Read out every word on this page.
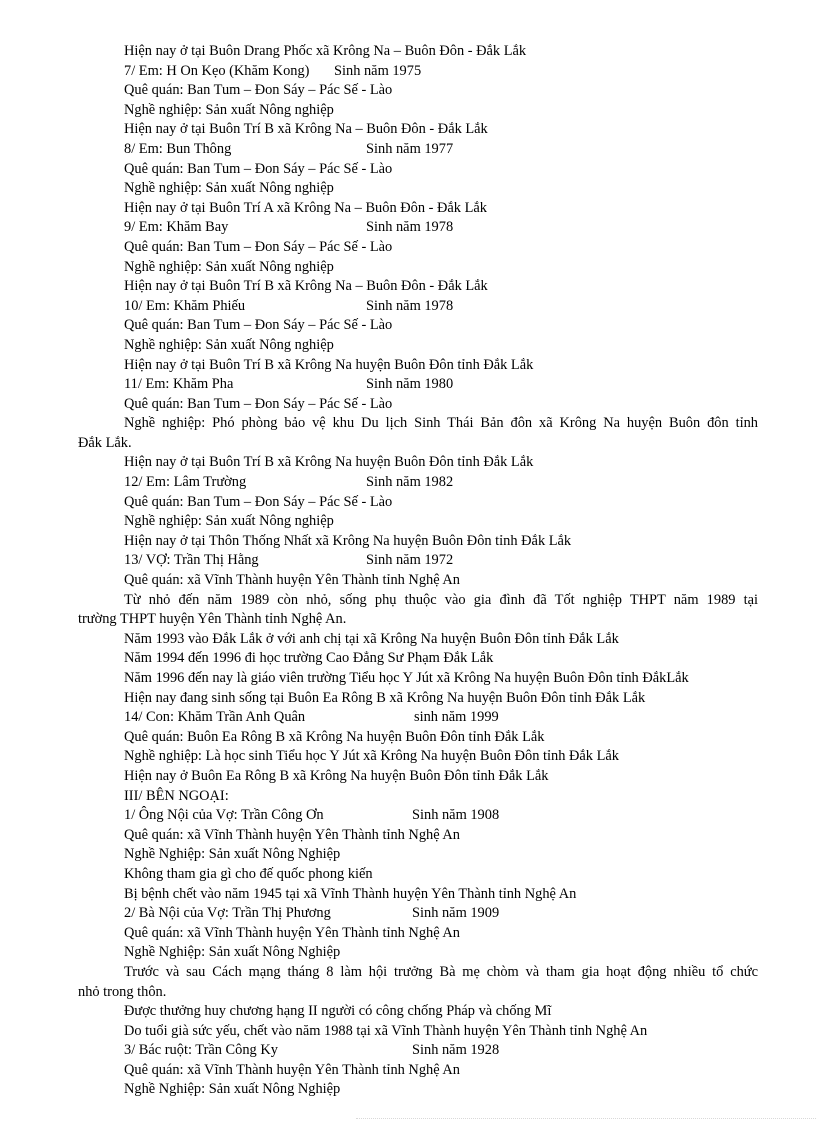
Hiện nay ở tại Buôn Drang Phốc xã Krông Na – Buôn Đôn - Đắk Lắk
7/ Em: H On Kẹo (Khăm Kong) Sinh năm 1975
Quê quán: Ban Tum – Đon Sáy – Pác Sế - Lào
Nghề nghiệp: Sản xuất Nông nghiệp
Hiện nay ở tại Buôn Trí B xã Krông Na – Buôn Đôn - Đắk Lắk
8/ Em: Bun Thông	Sinh năm 1977
Quê quán: Ban Tum – Đon Sáy – Pác Sế - Lào
Nghề nghiệp: Sản xuất Nông nghiệp
Hiện nay ở tại Buôn Trí A xã Krông Na – Buôn Đôn - Đắk Lắk
9/ Em: Khăm Bay	Sinh năm 1978
Quê quán: Ban Tum – Đon Sáy – Pác Sế - Lào
Nghề nghiệp: Sản xuất Nông nghiệp
Hiện nay ở tại Buôn Trí B xã Krông Na – Buôn Đôn - Đắk Lắk
10/ Em: Khăm Phiếu	Sinh năm 1978
Quê quán: Ban Tum – Đon Sáy – Pác Sế - Lào
Nghề nghiệp: Sản xuất Nông nghiệp
Hiện nay ở tại Buôn Trí B xã Krông Na huyện Buôn Đôn tỉnh Đắk Lắk
11/ Em: Khăm Pha	Sinh năm 1980
Quê quán: Ban Tum – Đon Sáy – Pác Sế - Lào
Nghề nghiệp: Phó phòng bảo vệ khu Du lịch Sinh Thái Bản đôn xã Krông Na huyện Buôn đôn tỉnh
Đắk Lắk.
Hiện nay ở tại Buôn Trí B xã Krông Na huyện Buôn Đôn tỉnh Đắk Lắk
12/ Em: Lâm Trường	Sinh năm 1982
Quê quán: Ban Tum – Đon Sáy – Pác Sế - Lào
Nghề nghiệp: Sản xuất Nông nghiệp
Hiện nay ở tại Thôn Thống Nhất xã Krông Na huyện Buôn Đôn tỉnh Đắk Lắk
13/ VỢ: Trần Thị Hằng	Sinh năm 1972
Quê quán: xã Vĩnh Thành huyện Yên Thành tỉnh Nghệ An
Từ nhỏ đến năm 1989 còn nhỏ, sống phụ thuộc vào gia đình đã Tốt nghiệp THPT năm 1989 tại
trường THPT huyện Yên Thành tỉnh Nghệ An.
Năm 1993 vào Đắk Lắk ở với anh chị tại xã Krông Na huyện Buôn Đôn tỉnh Đắk Lắk
Năm 1994 đến 1996 đi học trường Cao Đẳng Sư Phạm Đắk Lắk
Năm 1996 đến nay là giáo viên trường Tiểu học Y Jút xã Krông Na huyện Buôn Đôn tỉnh ĐắkLắk
Hiện nay đang sinh sống tại Buôn Ea Rông B xã Krông Na huyện Buôn Đôn tỉnh Đắk Lắk
14/ Con: Khăm Trần Anh Quân	sinh năm 1999
Quê quán: Buôn Ea Rông B xã Krông Na huyện Buôn Đôn tỉnh Đắk Lắk
Nghề nghiệp: Là học sinh Tiểu học Y Jút xã Krông Na huyện Buôn Đôn tỉnh Đắk Lắk
Hiện nay ở Buôn Ea Rông B xã Krông Na huyện Buôn Đôn tỉnh Đắk Lắk
III/ BÊN NGOẠI:
1/ Ông Nội của Vợ: Trần Công Ơn	Sinh năm 1908
Quê quán: xã Vĩnh Thành huyện Yên Thành tỉnh Nghệ An
Nghề Nghiệp: Sản xuất Nông Nghiệp
Không tham gia gì cho đế quốc phong kiến
Bị bệnh chết vào năm 1945 tại xã Vĩnh Thành huyện Yên Thành tỉnh Nghệ An
2/ Bà Nội của Vợ: Trần Thị Phương	Sinh năm 1909
Quê quán: xã Vĩnh Thành huyện Yên Thành tỉnh Nghệ An
Nghề Nghiệp: Sản xuất Nông Nghiệp
Trước và sau Cách mạng tháng 8 làm hội trưởng Bà mẹ chòm và tham gia hoạt động nhiều tổ chức
nhỏ trong thôn.
Được thưởng huy chương hạng II người có công chống Pháp và chống Mĩ
Do tuổi già sức yếu, chết vào năm 1988 tại xã Vĩnh Thành huyện Yên Thành tỉnh Nghệ An
3/ Bác ruột: Trần Công Ky	Sinh năm 1928
Quê quán: xã Vĩnh Thành huyện Yên Thành tỉnh Nghệ An
Nghề Nghiệp: Sản xuất Nông Nghiệp
